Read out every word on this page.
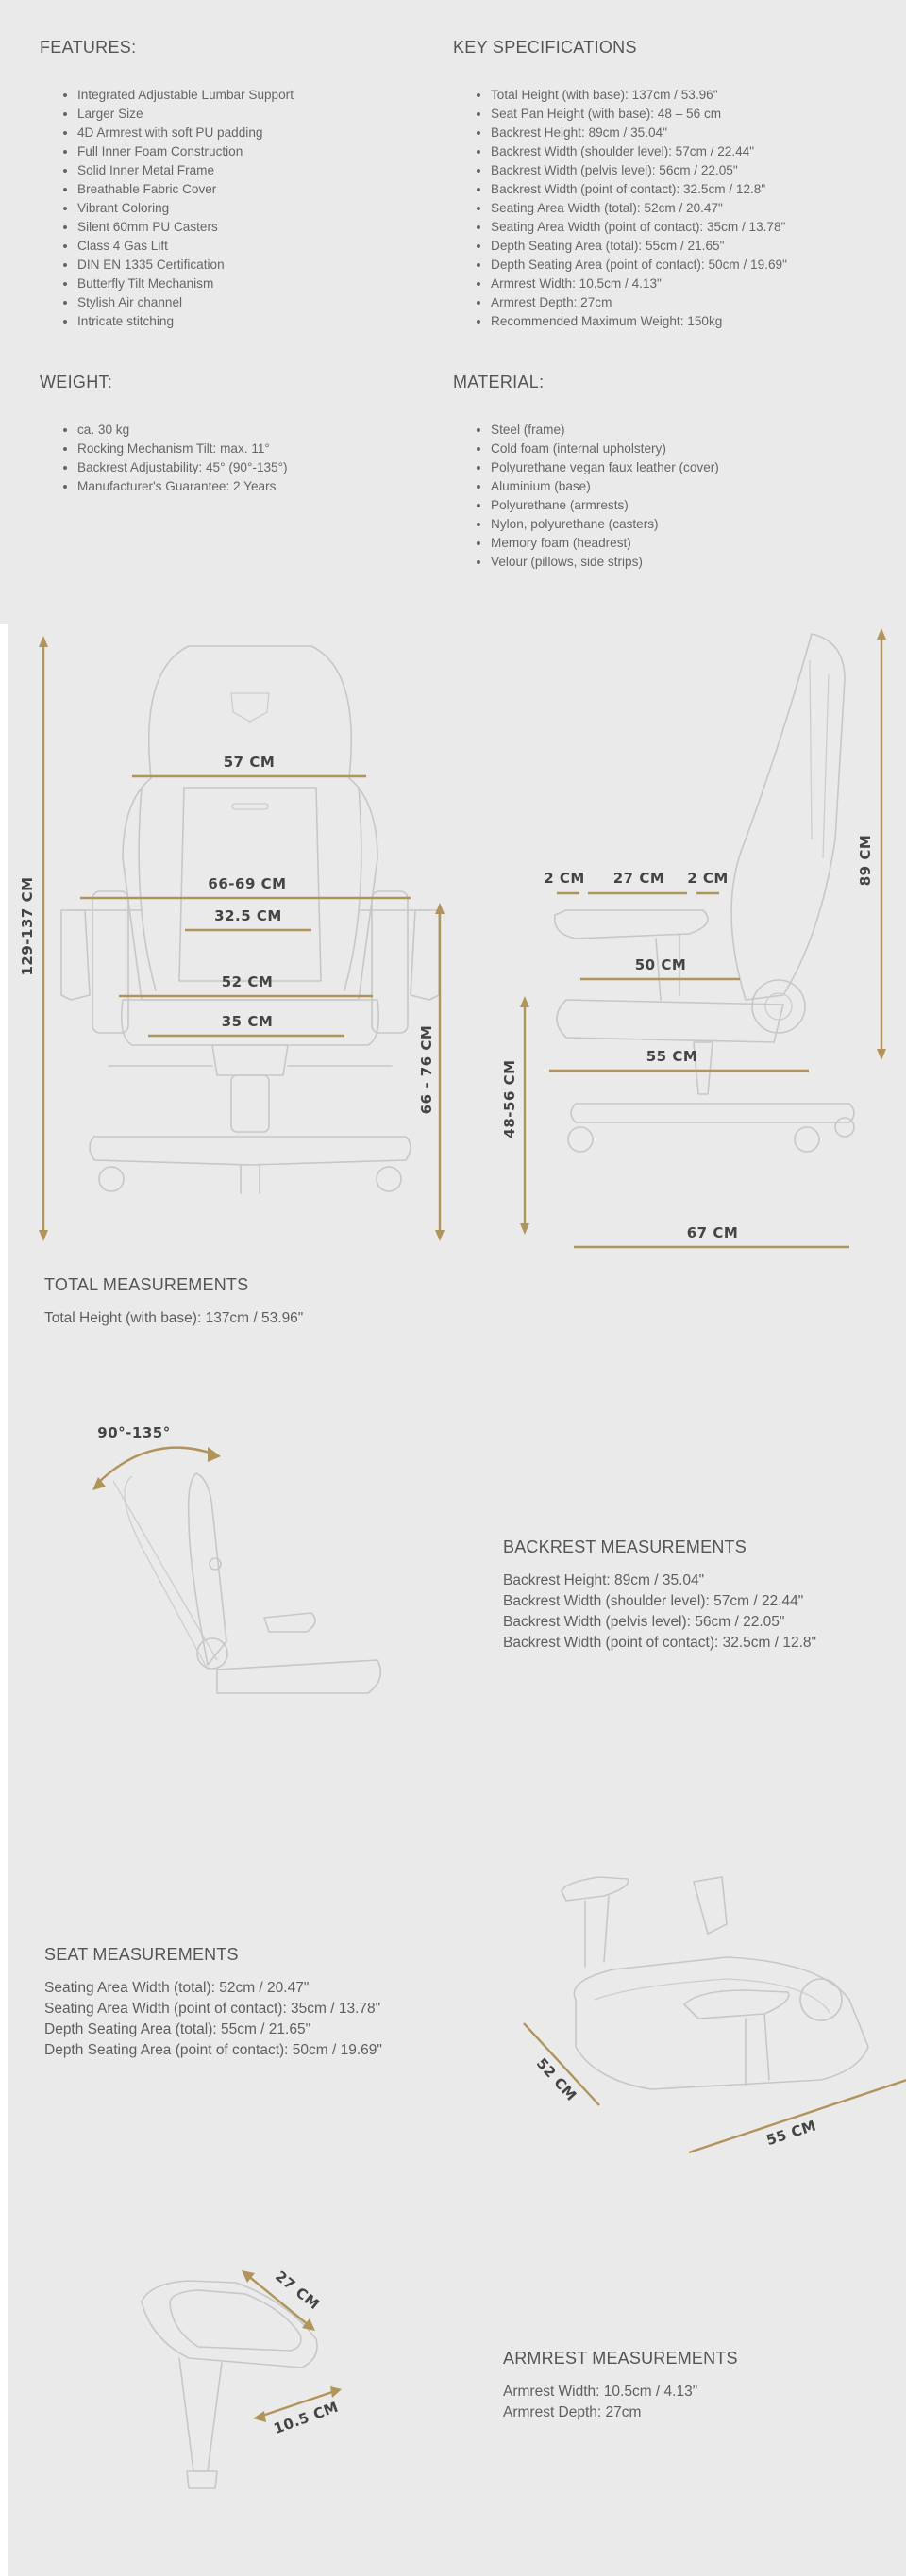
FEATURES:
• Integrated Adjustable Lumbar Support
• Larger Size
• 4D Armrest with soft PU padding
• Full Inner Foam Construction
• Solid Inner Metal Frame
• Breathable Fabric Cover
• Vibrant Coloring
• Silent 60mm PU Casters
• Class 4 Gas Lift
• DIN EN 1335 Certification
• Butterfly Tilt Mechanism
• Stylish Air channel
• Intricate stitching
KEY SPECIFICATIONS
• Total Height (with base): 137cm / 53.96"
• Seat Pan Height (with base): 48 – 56 cm
• Backrest Height: 89cm / 35.04"
• Backrest Width (shoulder level): 57cm / 22.44"
• Backrest Width (pelvis level): 56cm / 22.05"
• Backrest Width (point of contact): 32.5cm / 12.8"
• Seating Area Width (total): 52cm / 20.47"
• Seating Area Width (point of contact): 35cm / 13.78"
• Depth Seating Area (total): 55cm / 21.65"
• Depth Seating Area (point of contact): 50cm / 19.69"
• Armrest Width: 10.5cm / 4.13"
• Armrest Depth: 27cm
• Recommended Maximum Weight: 150kg
WEIGHT:
• ca. 30 kg
• Rocking Mechanism Tilt: max. 11°
• Backrest Adjustability: 45° (90°-135°)
• Manufacturer's Guarantee: 2 Years
MATERIAL:
• Steel (frame)
• Cold foam (internal upholstery)
• Polyurethane vegan faux leather (cover)
• Aluminium (base)
• Polyurethane (armrests)
• Nylon, polyurethane (casters)
• Memory foam (headrest)
• Velour (pillows, side strips)
129-137 CM
57 CM
66-69 CM
32.5 CM
52 CM
35 CM
66 - 76 CM
2 CM 27 CM 2 CM	89 CM
50 CM
55 CM
48-56 CM
67 CM
TOTAL MEASUREMENTS
Total Height (with base): 137cm / 53.96"
90°-135°
BACKREST MEASUREMENTS
Backrest Height: 89cm / 35.04"
Backrest Width (shoulder level): 57cm / 22.44"
Backrest Width (pelvis level): 56cm / 22.05"
Backrest Width (point of contact): 32.5cm / 12.8"
SEAT MEASUREMENTS
Seating Area Width (total): 52cm / 20.47"
Seating Area Width (point of contact): 35cm / 13.78"
Depth Seating Area (total): 55cm / 21.65"
Depth Seating Area (point of contact): 50cm / 19.69"
52 CM
55 CM
27 CM
10.5 CM
ARMREST MEASUREMENTS
Armrest Width: 10.5cm / 4.13"
Armrest Depth: 27cm
